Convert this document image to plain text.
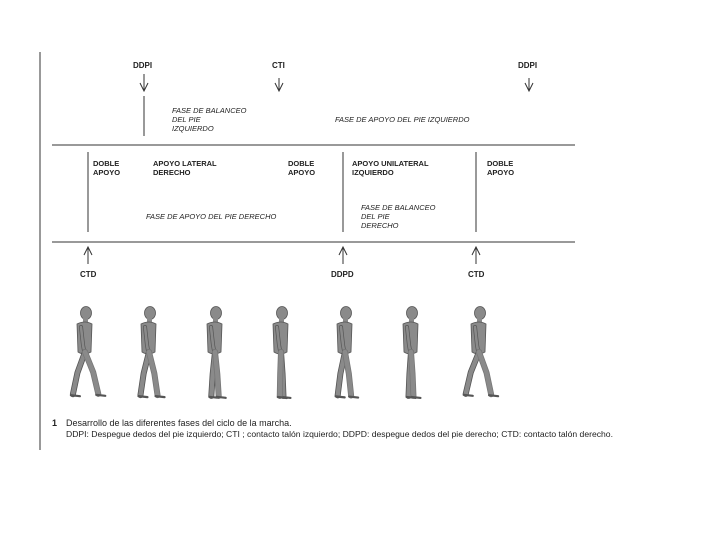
DDPI	CTI	DDPI
FASE DE BALANCEO
DEL PIE
IZQUIERDO
FASE DE APOYO DEL PIE IZQUIERDO
DOBLE
APOYO
APOYO LATERAL
DERECHO
DOBLE
APOYO
APOYO UNILATERAL
IZQUIERDO
DOBLE
APOYO
FASE DE APOYO DEL PIE DERECHO
FASE DE BALANCEO
DEL PIE
DERECHO
CTD	DDPD	CTD
1 Desarrollo de las diferentes fases del ciclo de la marcha.
DDPI: Despegue dedos del pie izquierdo; CTI ; contacto talón izquierdo; DDPD: despegue dedos del pie derecho; CTD: contacto talón derecho.
